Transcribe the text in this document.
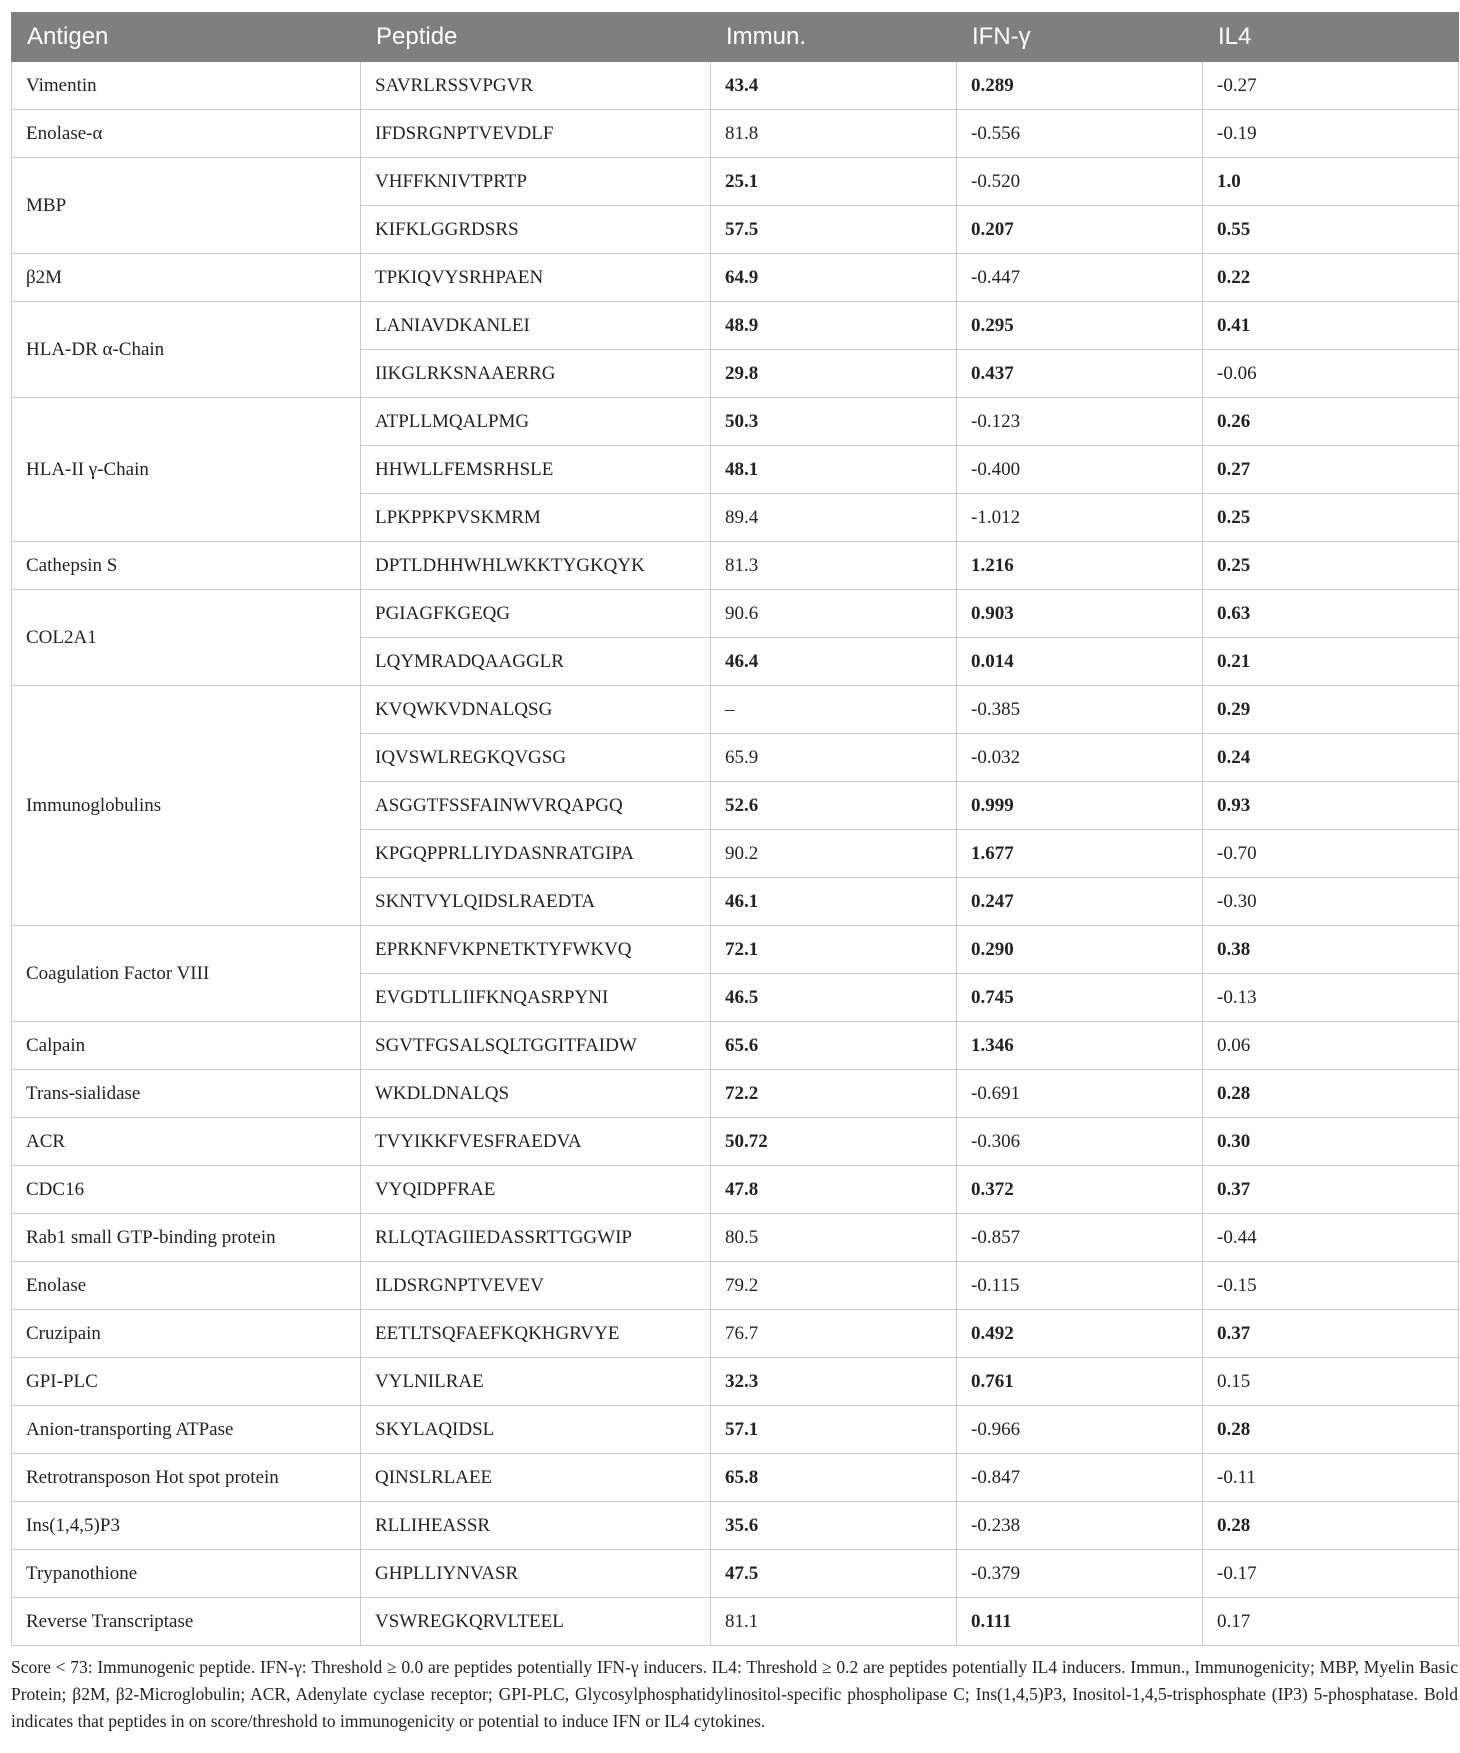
Antigen	Peptide	Immun.	IFN-γ	IL4
Vimentin	SAVRLRSSVPGVR	43.4	0.289	-0.27
Enolase-α	IFDSRGNPTVEVDLF	81.8	-0.556	-0.19
MBP	VHFFKNIVTPRTP	25.1	-0.520	1.0
	KIFKLGGRDSRS	57.5	0.207	0.55
β2M	TPKIQVYSRHPAEN	64.9	-0.447	0.22
HLA-DR α-Chain	LANIAVDKANLEI	48.9	0.295	0.41
	IIKGLRKSNAAERRG	29.8	0.437	-0.06
HLA-II γ-Chain	ATPLLMQALPMG	50.3	-0.123	0.26
	HHWLLFEMSRHSLE	48.1	-0.400	0.27
	LPKPPKPVSKMRM	89.4	-1.012	0.25
Cathepsin S	DPTLDHHWHLWKKTYGKQYK	81.3	1.216	0.25
COL2A1	PGIAGFKGEQG	90.6	0.903	0.63
	LQYMRADQAAGGLR	46.4	0.014	0.21
Immunoglobulins	KVQWKVDNALQSG	–	-0.385	0.29
	IQVSWLREGKQVGSG	65.9	-0.032	0.24
	ASGGTFSSFAINWVRQAPGQ	52.6	0.999	0.93
	KPGQPPRLLIYDASNRATGIPA	90.2	1.677	-0.70
	SKNTVYLQIDSLRAEDTA	46.1	0.247	-0.30
Coagulation Factor VIII	EPRKNFVKPNETKTYFWKVQ	72.1	0.290	0.38
	EVGDTLLIIFKNQASRPYNI	46.5	0.745	-0.13
Calpain	SGVTFGSALSQLTGGITFAIDW	65.6	1.346	0.06
Trans-sialidase	WKDLDNALQS	72.2	-0.691	0.28
ACR	TVYIKKFVESFRAEDVA	50.72	-0.306	0.30
CDC16	VYQIDPFRAE	47.8	0.372	0.37
Rab1 small GTP-binding protein	RLLQTAGIIEDASSRTTGGWIP	80.5	-0.857	-0.44
Enolase	ILDSRGNPTVEVEV	79.2	-0.115	-0.15
Cruzipain	EETLTSQFAEFKQKHGRVYE	76.7	0.492	0.37
GPI-PLC	VYLNILRAE	32.3	0.761	0.15
Anion-transporting ATPase	SKYLAQIDSL	57.1	-0.966	0.28
Retrotransposon Hot spot protein	QINSLRLAEE	65.8	-0.847	-0.11
Ins(1,4,5)P3	RLLIHEASSR	35.6	-0.238	0.28
Trypanothione	GHPLLIYNVASR	47.5	-0.379	-0.17
Reverse Transcriptase	VSWREGKQRVLTEEL	81.1	0.111	0.17

Score < 73: Immunogenic peptide. IFN-γ: Threshold ≥ 0.0 are peptides potentially IFN-γ inducers. IL4: Threshold ≥ 0.2 are peptides potentially IL4 inducers. Immun., Immunogenicity; MBP, Myelin Basic Protein; β2M, β2-Microglobulin; ACR, Adenylate cyclase receptor; GPI-PLC, Glycosylphosphatidylinositol-specific phospholipase C; Ins(1,4,5)P3, Inositol-1,4,5-trisphosphate (IP3) 5-phosphatase. Bold indicates that peptides in on score/threshold to immunogenicity or potential to induce IFN or IL4 cytokines.
